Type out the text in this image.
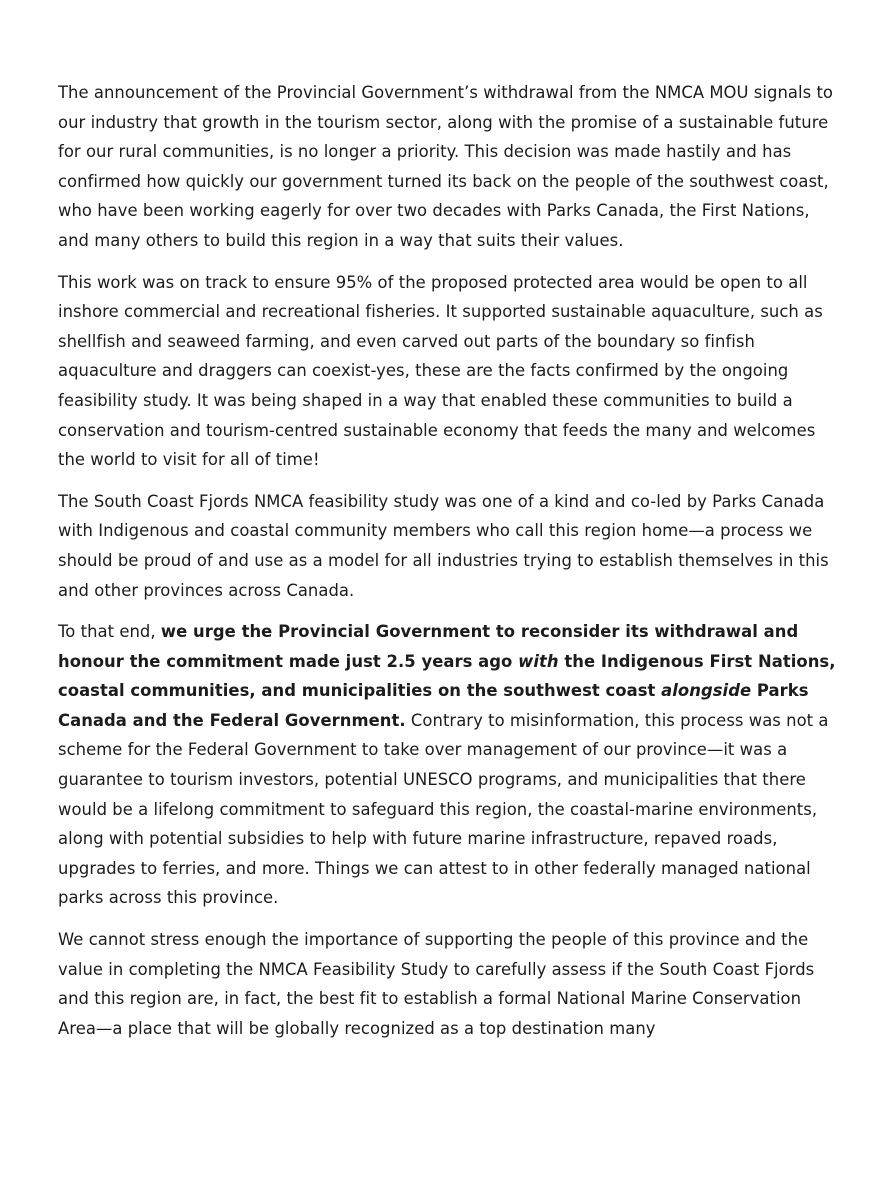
The announcement of the Provincial Government’s withdrawal from the NMCA MOU signals to our industry that growth in the tourism sector, along with the promise of a sustainable future for our rural communities, is no longer a priority. This decision was made hastily and has confirmed how quickly our government turned its back on the people of the southwest coast, who have been working eagerly for over two decades with Parks Canada, the First Nations, and many others to build this region in a way that suits their values.

This work was on track to ensure 95% of the proposed protected area would be open to all inshore commercial and recreational fisheries. It supported sustainable aquaculture, such as shellfish and seaweed farming, and even carved out parts of the boundary so finfish aquaculture and draggers can coexist-yes, these are the facts confirmed by the ongoing feasibility study. It was being shaped in a way that enabled these communities to build a conservation and tourism-centred sustainable economy that feeds the many and welcomes the world to visit for all of time!

The South Coast Fjords NMCA feasibility study was one of a kind and co-led by Parks Canada with Indigenous and coastal community members who call this region home—a process we should be proud of and use as a model for all industries trying to establish themselves in this and other provinces across Canada.

To that end, we urge the Provincial Government to reconsider its withdrawal and honour the commitment made just 2.5 years ago with the Indigenous First Nations, coastal communities, and municipalities on the southwest coast alongside Parks Canada and the Federal Government. Contrary to misinformation, this process was not a scheme for the Federal Government to take over management of our province—it was a guarantee to tourism investors, potential UNESCO programs, and municipalities that there would be a lifelong commitment to safeguard this region, the coastal-marine environments, along with potential subsidies to help with future marine infrastructure, repaved roads, upgrades to ferries, and more. Things we can attest to in other federally managed national parks across this province.

We cannot stress enough the importance of supporting the people of this province and the value in completing the NMCA Feasibility Study to carefully assess if the South Coast Fjords and this region are, in fact, the best fit to establish a formal National Marine Conservation Area—a place that will be globally recognized as a top destination many
